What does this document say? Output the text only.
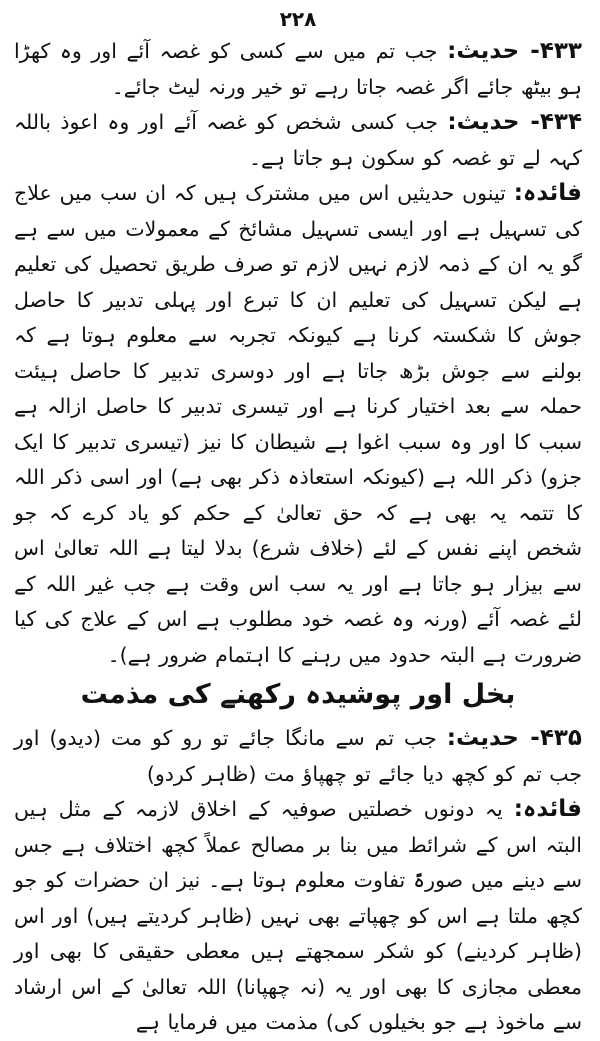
۲۲۸

۴۳۳- حدیث: جب تم میں سے کسی کو غصہ آئے اور وہ کھڑا ہو بیٹھ جائے اگر غصہ جاتا رہے تو خیر ورنہ لیٹ جائے۔

۴۳۴- حدیث: جب کسی شخص کو غصہ آئے اور وہ اعوذ باللہ کہہ لے تو غصہ کو سکون ہو جاتا ہے۔

فائدہ: تینوں حدیثیں اس میں مشترک ہیں کہ ان سب میں علاج کی تسہیل ہے اور ایسی تسہیل مشائخ کے معمولات میں سے ہے گو یہ ان کے ذمہ لازم نہیں لازم تو صرف طریق تحصیل کی تعلیم ہے لیکن تسہیل کی تعلیم ان کا تبرع اور پہلی تدبیر کا حاصل جوش کا شکستہ کرنا ہے کیونکہ تجربہ سے معلوم ہوتا ہے کہ بولنے سے جوش بڑھ جاتا ہے اور دوسری تدبیر کا حاصل ہیئت حملہ سے بعد اختیار کرنا ہے اور تیسری تدبیر کا حاصل ازالہ ہے سبب کا اور وہ سبب اغوا ہے شیطان کا نیز (تیسری تدبیر کا ایک جزو) ذکر اللہ ہے (کیونکہ استعاذہ ذکر بھی ہے) اور اسی ذکر اللہ کا تتمہ یہ بھی ہے کہ حق تعالیٰ کے حکم کو یاد کرے کہ جو شخص اپنے نفس کے لئے (خلاف شرع) بدلا لیتا ہے اللہ تعالیٰ اس سے بیزار ہو جاتا ہے اور یہ سب اس وقت ہے جب غیر اللہ کے لئے غصہ آئے (ورنہ وہ غصہ خود مطلوب ہے اس کے علاج کی کیا ضرورت ہے البتہ حدود میں رہنے کا اہتمام ضرور ہے)۔

بخل اور پوشیدہ رکھنے کی مذمت

۴۳۵- حدیث: جب تم سے مانگا جائے تو رو کو مت (دیدو) اور جب تم کو کچھ دیا جائے تو چھپاؤ مت (ظاہر کردو)

فائدہ: یہ دونوں خصلتیں صوفیہ کے اخلاق لازمہ کے مثل ہیں البتہ اس کے شرائط میں بنا بر مصالح عملاً کچھ اختلاف ہے جس سے دینے میں صورۃً تفاوت معلوم ہوتا ہے۔ نیز ان حضرات کو جو کچھ ملتا ہے اس کو چھپاتے بھی نہیں (ظاہر کردیتے ہیں) اور اس (ظاہر کردینے) کو شکر سمجھتے ہیں معطی حقیقی کا بھی اور معطی مجازی کا بھی اور یہ (نہ چھپانا) اللہ تعالیٰ کے اس ارشاد سے ماخوذ ہے جو بخیلوں کی) مذمت میں فرمایا ہے
